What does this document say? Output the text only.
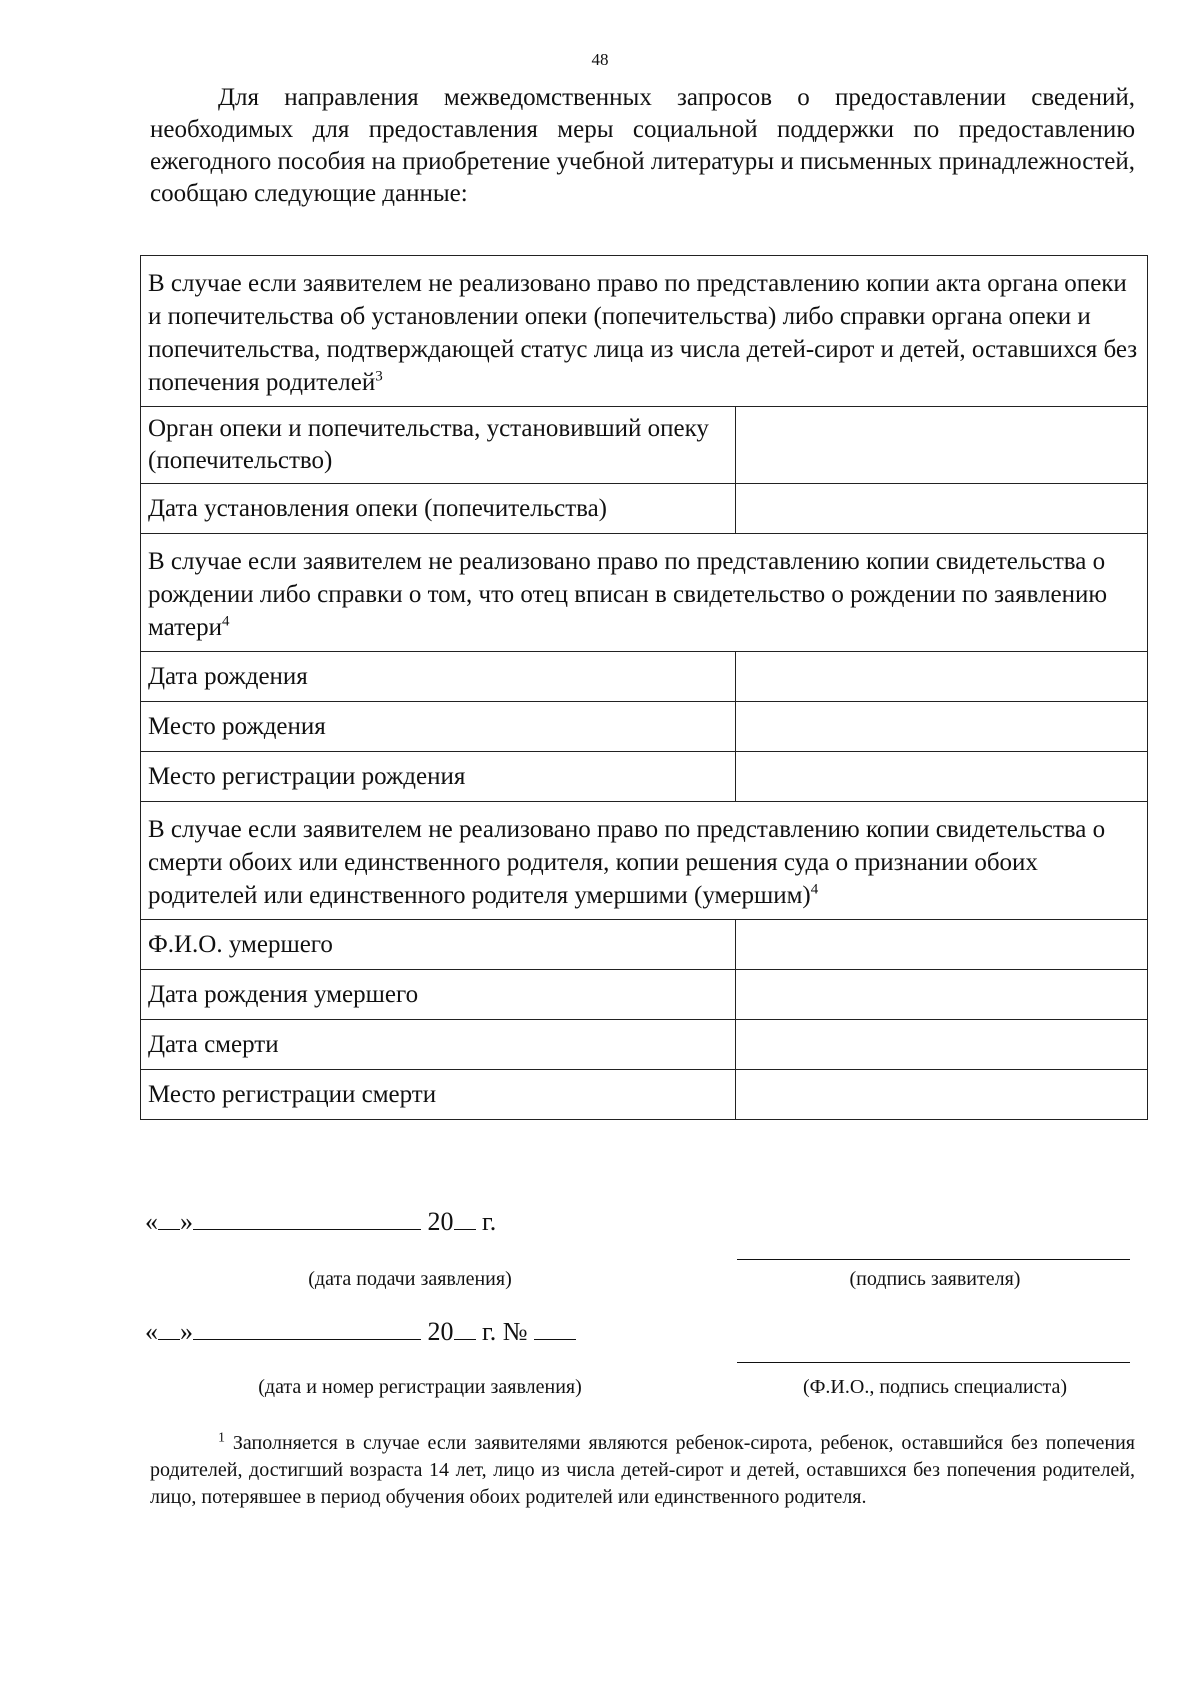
48

Для направления межведомственных запросов о предоставлении сведений, необходимых для предоставления меры социальной поддержки по предоставлению ежегодного пособия на приобретение учебной литературы и письменных принадлежностей, сообщаю следующие данные:

В случае если заявителем не реализовано право по представлению копии акта органа опеки и попечительства об установлении опеки (попечительства) либо справки органа опеки и попечительства, подтверждающей статус лица из числа детей-сирот и детей, оставшихся без попечения родителей$^3$
Орган опеки и попечительства, установивший опеку (попечительство)	
Дата установления опеки (попечительства)	
В случае если заявителем не реализовано право по представлению копии свидетельства о рождении либо справки о том, что отец вписан в свидетельство о рождении по заявлению матери$^4$
Дата рождения	
Место рождения	
Место регистрации рождения	
В случае если заявителем не реализовано право по представлению копии свидетельства о смерти обоих или единственного родителя, копии решения суда о признании обоих родителей или единственного родителя умершими (умершим)$^4$
Ф.И.О. умершего	
Дата рождения умершего	
Дата смерти	
Место регистрации смерти	
« »	20 г.
(дата подачи заявления)	(подпись заявителя)
« »	20 г. №
(дата и номер регистрации заявления)	(Ф.И.О., подпись специалиста)

$^1$ Заполняется в случае если заявителями являются ребенок-сирота, ребенок, оставшийся без попечения родителей, достигший возраста 14 лет, лицо из числа детей-сирот и детей, оставшихся без попечения родителей, лицо, потерявшее в период обучения обоих родителей или единственного родителя.
